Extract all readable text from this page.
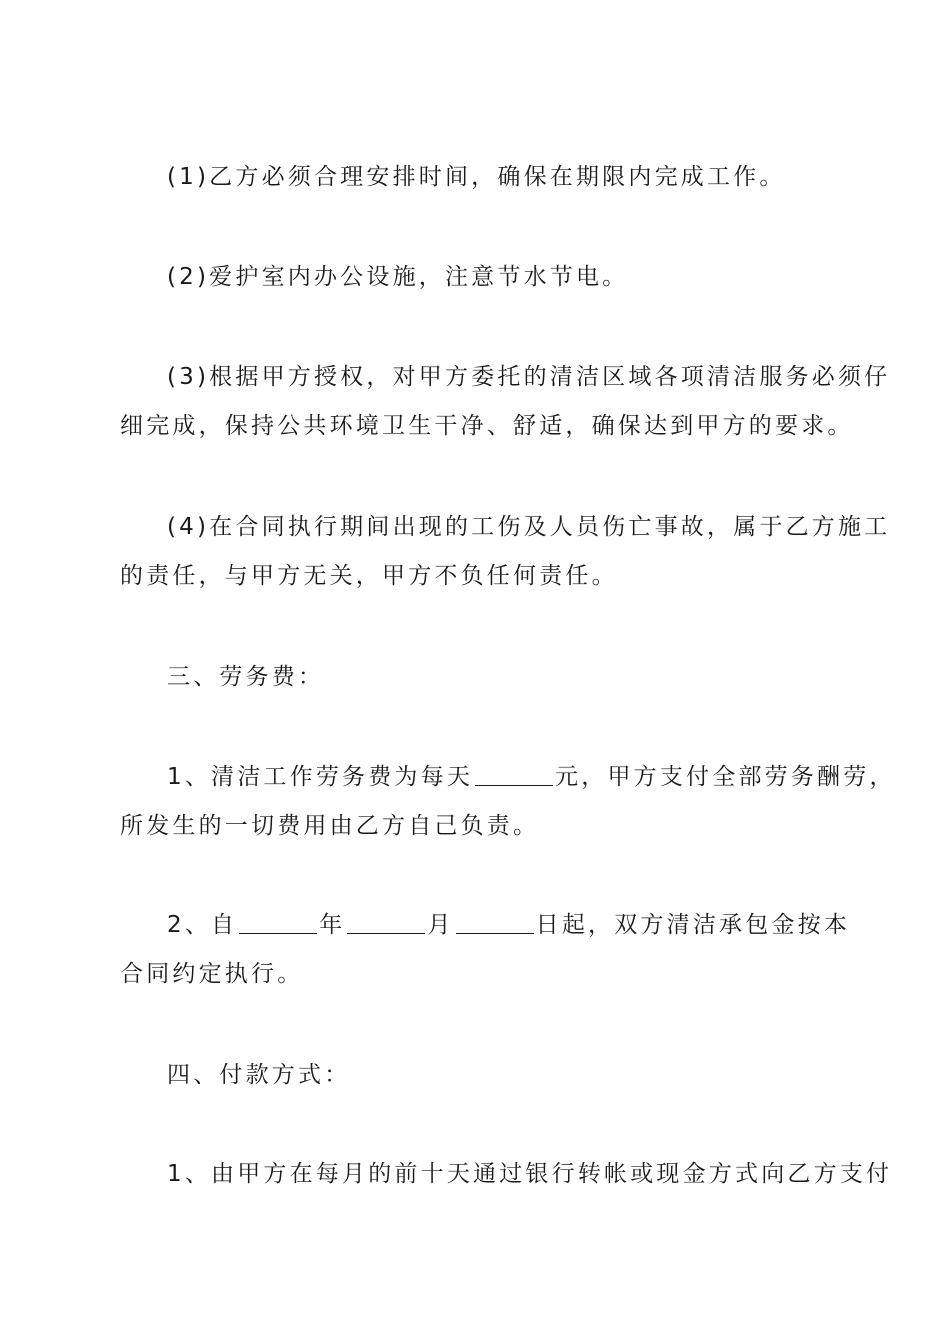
(1)乙方必须合理安排时间，确保在期限内完成工作。
(2)爱护室内办公设施，注意节水节电。
(3)根据甲方授权，对甲方委托的清洁区域各项清洁服务必须仔
细完成，保持公共环境卫生干净、舒适，确保达到甲方的要求。
(4)在合同执行期间出现的工伤及人员伤亡事故，属于乙方施工
的责任，与甲方无关，甲方不负任何责任。
三、劳务费：
1、清洁工作劳务费为每天	元，甲方支付全部劳务酬劳，
所发生的一切费用由乙方自己负责。
2、自	年	月	日起，双方清洁承包金按本
合同约定执行。
四、付款方式：
1、由甲方在每月的前十天通过银行转帐或现金方式向乙方支付
